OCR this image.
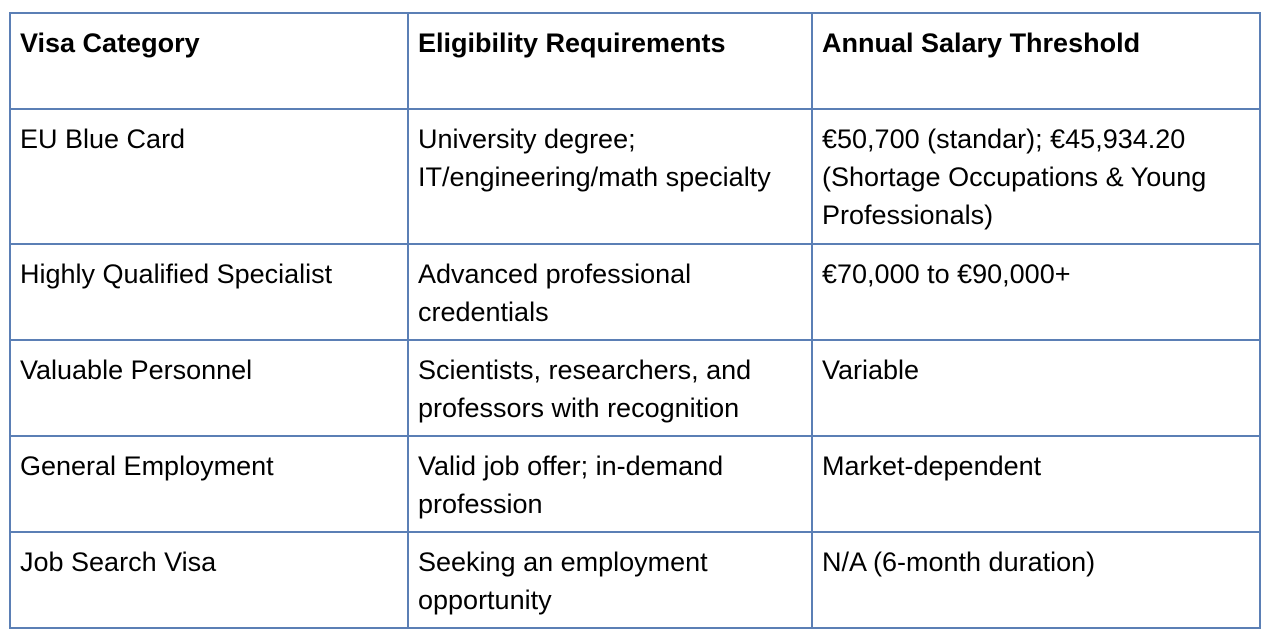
Visa Category	Eligibility Requirements	Annual Salary Threshold
EU Blue Card	University degree; IT/engineering/math specialty	€50,700 (standar); €45,934.20 (Shortage Occupations & Young Professionals)
Highly Qualified Specialist	Advanced professional credentials	€70,000 to €90,000+
Valuable Personnel	Scientists, researchers, and professors with recognition	Variable
General Employment	Valid job offer; in-demand profession	Market-dependent
Job Search Visa	Seeking an employment opportunity	N/A (6-month duration)
